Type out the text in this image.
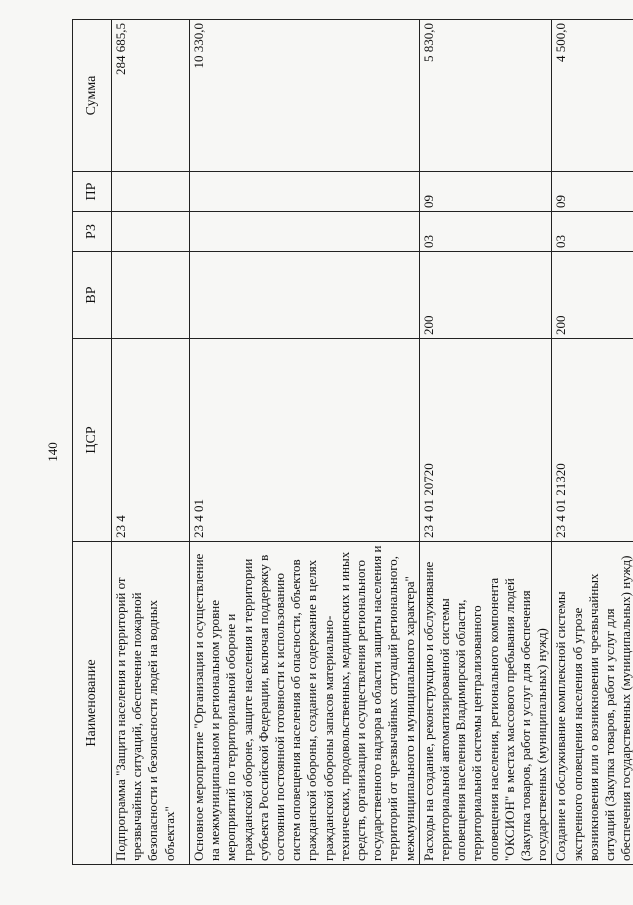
140
Наименование	ЦСР	ВР	РЗ	ПР	Сумма
Подпрограмма "Защита населения и территорий от чрезвычайных ситуаций, обеспечение пожарной безопасности и безопасности людей на водных объектах"	23 4				284 685,5
Основное мероприятие "Организация и осуществление на межмуниципальном и региональном уровне мероприятий по территориальной обороне и гражданской обороне, защите населения и территории субъекта Российской Федерации, включая поддержку в состоянии постоянной готовности к использованию систем оповещения населения об опасности, объектов гражданской обороны, создание и содержание в целях гражданской обороны запасов материально-технических, продовольственных, медицинских и иных средств, организации и осуществления регионального государственного надзора в области защиты населения и территорий от чрезвычайных ситуаций регионального, межмуниципального и муниципального характера"	23 4 01				10 330,0
Расходы на создание, реконструкцию и обслуживание территориальной автоматизированной системы оповещения населения Владимирской области, территориальной системы централизованного оповещения населения, регионального компонента "ОКСИОН" в местах массового пребывания людей (Закупка товаров, работ и услуг для обеспечения государственных (муниципальных) нужд)	23 4 01 20720	200	03	09	5 830,0
Создание и обслуживание комплексной системы экстренного оповещения населения об угрозе возникновения или о возникновении чрезвычайных ситуаций (Закупка товаров, работ и услуг для обеспечения государственных (муниципальных) нужд)	23 4 01 21320	200	03	09	4 500,0
